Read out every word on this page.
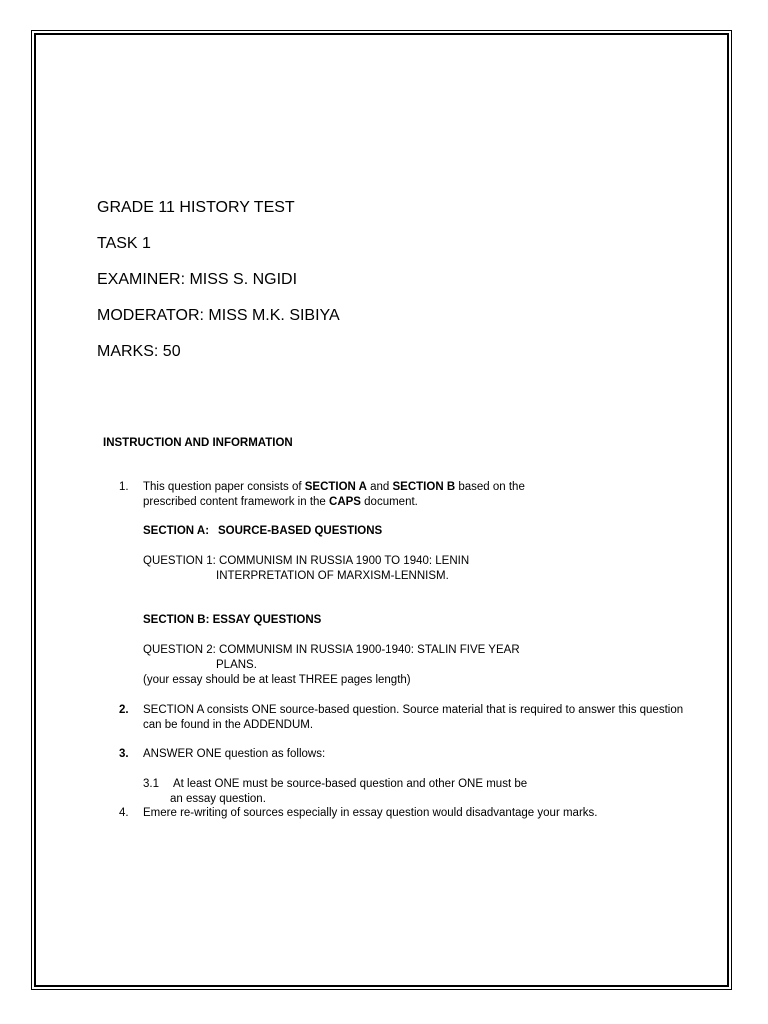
GRADE 11 HISTORY TEST
TASK 1
EXAMINER: MISS S. NGIDI
MODERATOR: MISS M.K. SIBIYA
MARKS: 50
INSTRUCTION AND INFORMATION
1. This question paper consists of SECTION A and SECTION B based on the
prescribed content framework in the CAPS document.
SECTION A: SOURCE-BASED QUESTIONS
QUESTION 1: COMMUNISM IN RUSSIA 1900 TO 1940: LENIN
INTERPRETATION OF MARXISM-LENNISM.
SECTION B: ESSAY QUESTIONS
QUESTION 2: COMMUNISM IN RUSSIA 1900-1940: STALIN FIVE YEAR
PLANS.
(your essay should be at least THREE pages length)
2. SECTION A consists ONE source-based question. Source material that is required to answer this question
can be found in the ADDENDUM.
3. ANSWER ONE question as follows:
3.1 At least ONE must be source-based question and other ONE must be
an essay question.
4. Emere re-writing of sources especially in essay question would disadvantage your marks.
